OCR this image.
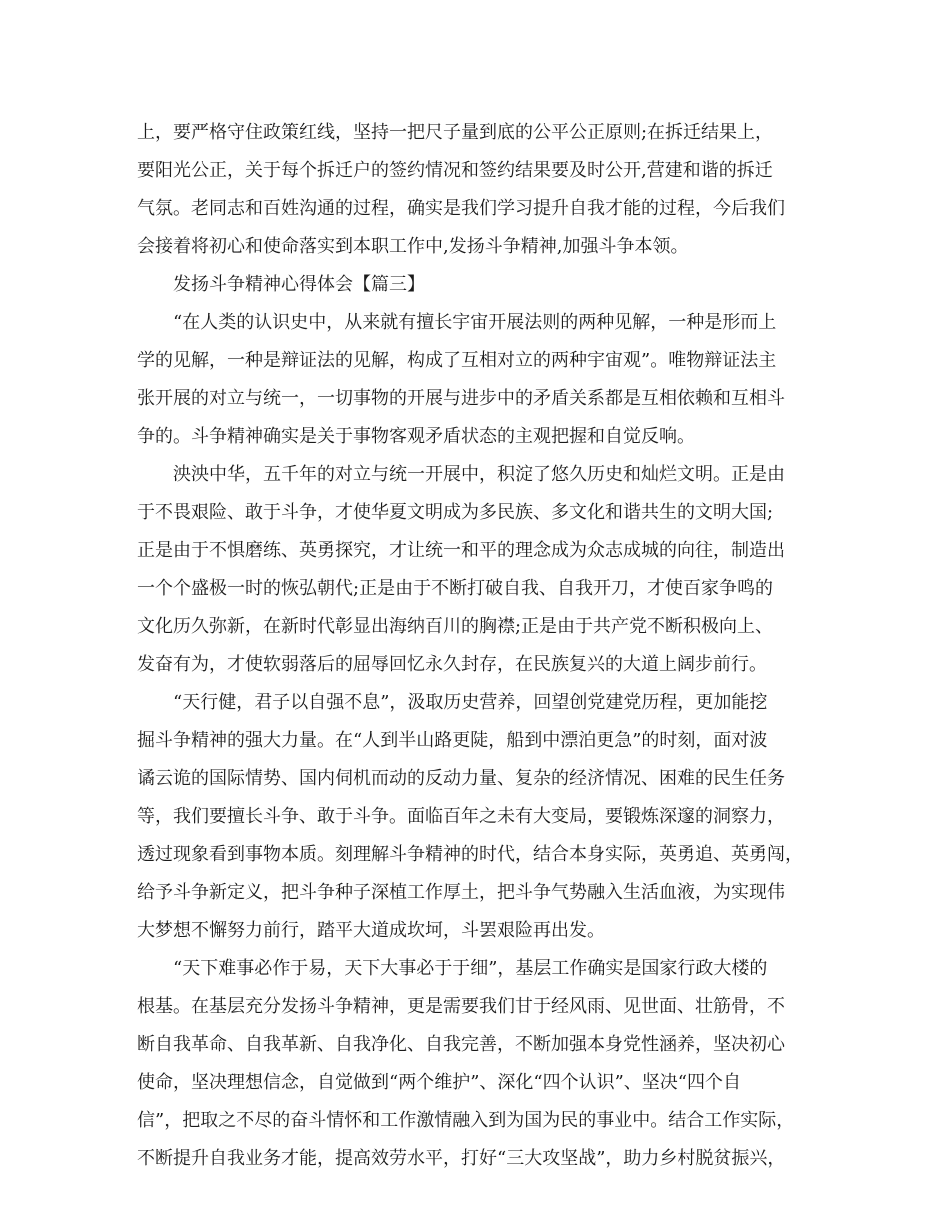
上，要严格守住政策红线，坚持一把尺子量到底的公平公正原则;在拆迁结果上，
要阳光公正，关于每个拆迁户的签约情况和签约结果要及时公开,营建和谐的拆迁
气氛。老同志和百姓沟通的过程，确实是我们学习提升自我才能的过程，今后我们
会接着将初心和使命落实到本职工作中,发扬斗争精神,加强斗争本领。
发扬斗争精神心得体会【篇三】
“在人类的认识史中，从来就有擅长宇宙开展法则的两种见解，一种是形而上
学的见解，一种是辩证法的见解，构成了互相对立的两种宇宙观”。唯物辩证法主
张开展的对立与统一，一切事物的开展与进步中的矛盾关系都是互相依赖和互相斗
争的。斗争精神确实是关于事物客观矛盾状态的主观把握和自觉反响。
泱泱中华，五千年的对立与统一开展中，积淀了悠久历史和灿烂文明。正是由
于不畏艰险、敢于斗争，才使华夏文明成为多民族、多文化和谐共生的文明大国;
正是由于不惧磨练、英勇探究，才让统一和平的理念成为众志成城的向往，制造出
一个个盛极一时的恢弘朝代;正是由于不断打破自我、自我开刀，才使百家争鸣的
文化历久弥新，在新时代彰显出海纳百川的胸襟;正是由于共产党不断积极向上、
发奋有为，才使软弱落后的屈辱回忆永久封存，在民族复兴的大道上阔步前行。
“天行健，君子以自强不息”，汲取历史营养，回望创党建党历程，更加能挖
掘斗争精神的强大力量。在“人到半山路更陡，船到中漂泊更急”的时刻，面对波
谲云诡的国际情势、国内伺机而动的反动力量、复杂的经济情况、困难的民生任务
等，我们要擅长斗争、敢于斗争。面临百年之未有大变局，要锻炼深邃的洞察力，
透过现象看到事物本质。刻理解斗争精神的时代，结合本身实际，英勇追、英勇闯，
给予斗争新定义，把斗争种子深植工作厚土，把斗争气势融入生活血液，为实现伟
大梦想不懈努力前行，踏平大道成坎坷，斗罢艰险再出发。
“天下难事必作于易，天下大事必于于细”，基层工作确实是国家行政大楼的
根基。在基层充分发扬斗争精神，更是需要我们甘于经风雨、见世面、壮筋骨，不
断自我革命、自我革新、自我净化、自我完善，不断加强本身党性涵养，坚决初心
使命，坚决理想信念，自觉做到“两个维护”、深化“四个认识”、坚决“四个自
信”，把取之不尽的奋斗情怀和工作激情融入到为国为民的事业中。结合工作实际，
不断提升自我业务才能，提高效劳水平，打好“三大攻坚战”，助力乡村脱贫振兴，
